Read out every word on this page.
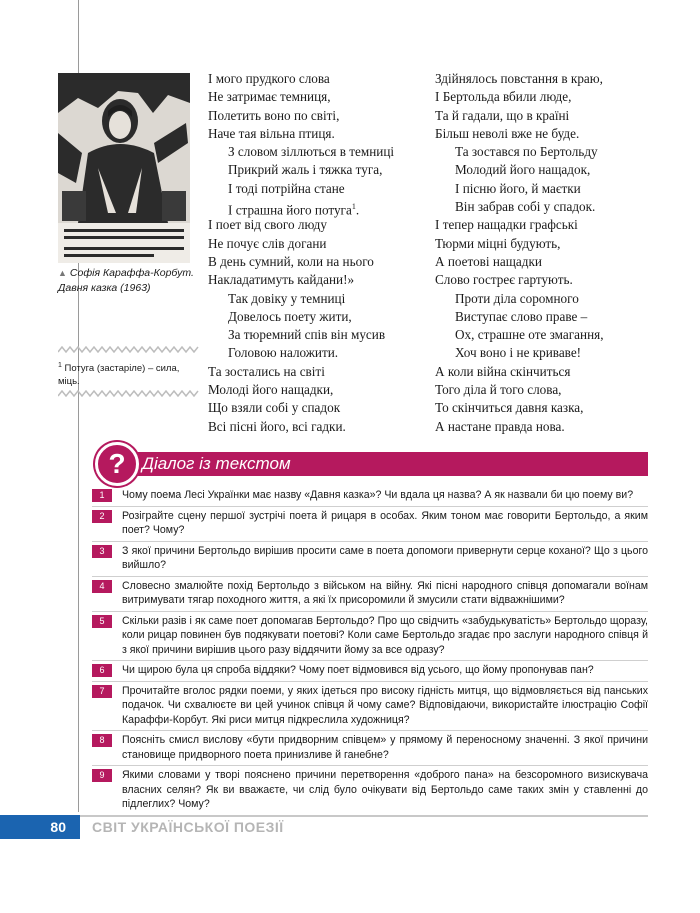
▲ Софія Караффа-Корбут. Давня казка (1963)
$^1$ Потуга (застаріле) – сила, міць.
І мого прудкого слова
Не затримає темниця,
Полетить воно по світі,
Наче тая вільна птиця.
З словом зіллються в темниці
Прикрий жаль і тяжка туга,
І тоді потрійна стане
І страшна його потуга$^1$.
І поет від свого люду
Не почує слів догани
В день сумний, коли на нього
Накладатимуть кайдани!»
Так довіку у темниці
Довелось поету жити,
За тюремний спів він мусив
Головою наложити.
Та зостались на світі
Молоді його нащадки,
Що взяли собі у спадок
Всі пісні його, всі гадки.
Здійнялось повстання в краю,
І Бертольда вбили люде,
Та й гадали, що в країні
Більш неволі вже не буде.
Та зостався по Бертольду
Молодий його нащадок,
І пісню його, й маєтки
Він забрав собі у спадок.
І тепер нащадки графські
Тюрми міцні будують,
А поетові нащадки
Слово гостреє гартують.
Проти діла соромного
Виступає слово праве –
Ох, страшне оте змагання,
Хоч воно і не криваве!
А коли війна скінчиться
Того діла й того слова,
То скінчиться давня казка,
А настане правда нова.
? Діалог із текстом
1	Чому поема Лесі Українки має назву «Давня казка»? Чи вдала ця назва? А як назвали би цю поему ви?
2	Розіграйте сцену першої зустрічі поета й рицаря в особах. Яким тоном має говорити Бертольдо, а яким поет? Чому?
3	З якої причини Бертольдо вирішив просити саме в поета допомоги привернути серце коханої? Що з цього вийшло?
4	Словесно змалюйте похід Бертольдо з військом на війну. Які пісні народного співця допомагали воїнам витримувати тягар походного життя, а які їх присоромили й змусили стати відважнішими?
5	Скільки разів і як саме поет допомагав Бертольдо? Про що свідчить «забудькуватість» Бертольдо щоразу, коли рицар повинен був подякувати поетові? Коли саме Бертольдо згадає про заслуги народного співця й з якої причини вирішив цього разу віддячити йому за все одразу?
6	Чи щирою була ця спроба віддяки? Чому поет відмовився від усього, що йому пропонував пан?
7	Прочитайте вголос рядки поеми, у яких ідеться про високу гідність митця, що відмовляється від панських подачок. Чи схвалюєте ви цей учинок співця й чому саме? Відповідаючи, використайте ілюстрацію Софії Караффи-Корбут. Які риси митця підкреслила художниця?
8	Поясніть смисл вислову «бути придворним співцем» у прямому й переносному значенні. З якої причини становище придворного поета принизливе й ганебне?
9	Якими словами у творі пояснено причини перетворення «доброго пана» на безсоромного визискувача власних селян? Як ви вважаєте, чи слід було очікувати від Бертольдо саме таких змін у ставленні до підлеглих? Чому?
80	СВІТ УКРАЇНСЬКОЇ ПОЕЗІЇ
